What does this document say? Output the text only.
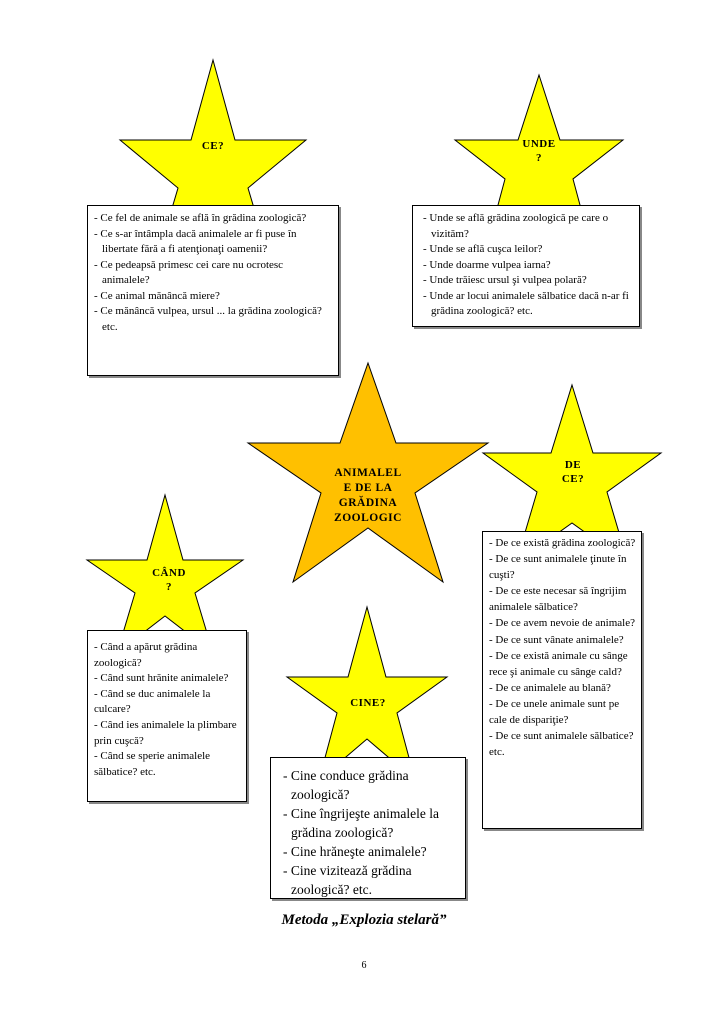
CE?	UNDE
?
ANIMALEL
E DE LA
GRĂDINA
ZOOLOGIC
DE
CE?
CÂND
?
CINE?
- Ce fel de animale se află în grădina zoologică?
- Ce s-ar întâmpla dacă animalele ar fi puse în libertate fără a fi atenţionaţi oamenii?
- Ce pedeapsă primesc cei care nu ocrotesc animalele?
- Ce animal mănâncă miere?
- Ce mănâncă vulpea, ursul ... la grădina zoologică? etc.
- Unde se află grădina zoologică pe care o vizităm?
- Unde se află cuşca leilor?
- Unde doarme vulpea iarna?
- Unde trăiesc ursul şi vulpea polară?
- Unde ar locui animalele sălbatice dacă n-ar fi grădina zoologică? etc.
- De ce există grădina zoologică?
- De ce sunt animalele ţinute în cuşti?
- De ce este necesar să îngrijim animalele sălbatice?
- De ce avem nevoie de animale?
- De ce sunt vânate animalele?
- De ce există animale cu sânge rece şi animale cu sânge cald?
- De ce animalele au blană?
- De ce unele animale sunt pe cale de dispariţie?
- De ce sunt animalele sălbatice? etc.
- Când a apărut grădina zoologică?
- Când sunt hrănite animalele?
- Când se duc animalele la culcare?
- Când ies animalele la plimbare prin cuşcă?
- Când se sperie animalele sălbatice? etc.	- Cine conduce grădina zoologică?
- Cine îngrijeşte animalele la grădina zoologică?
- Cine hrăneşte animalele?
- Cine vizitează grădina zoologică? etc.
Metoda „Explozia stelară”
6
